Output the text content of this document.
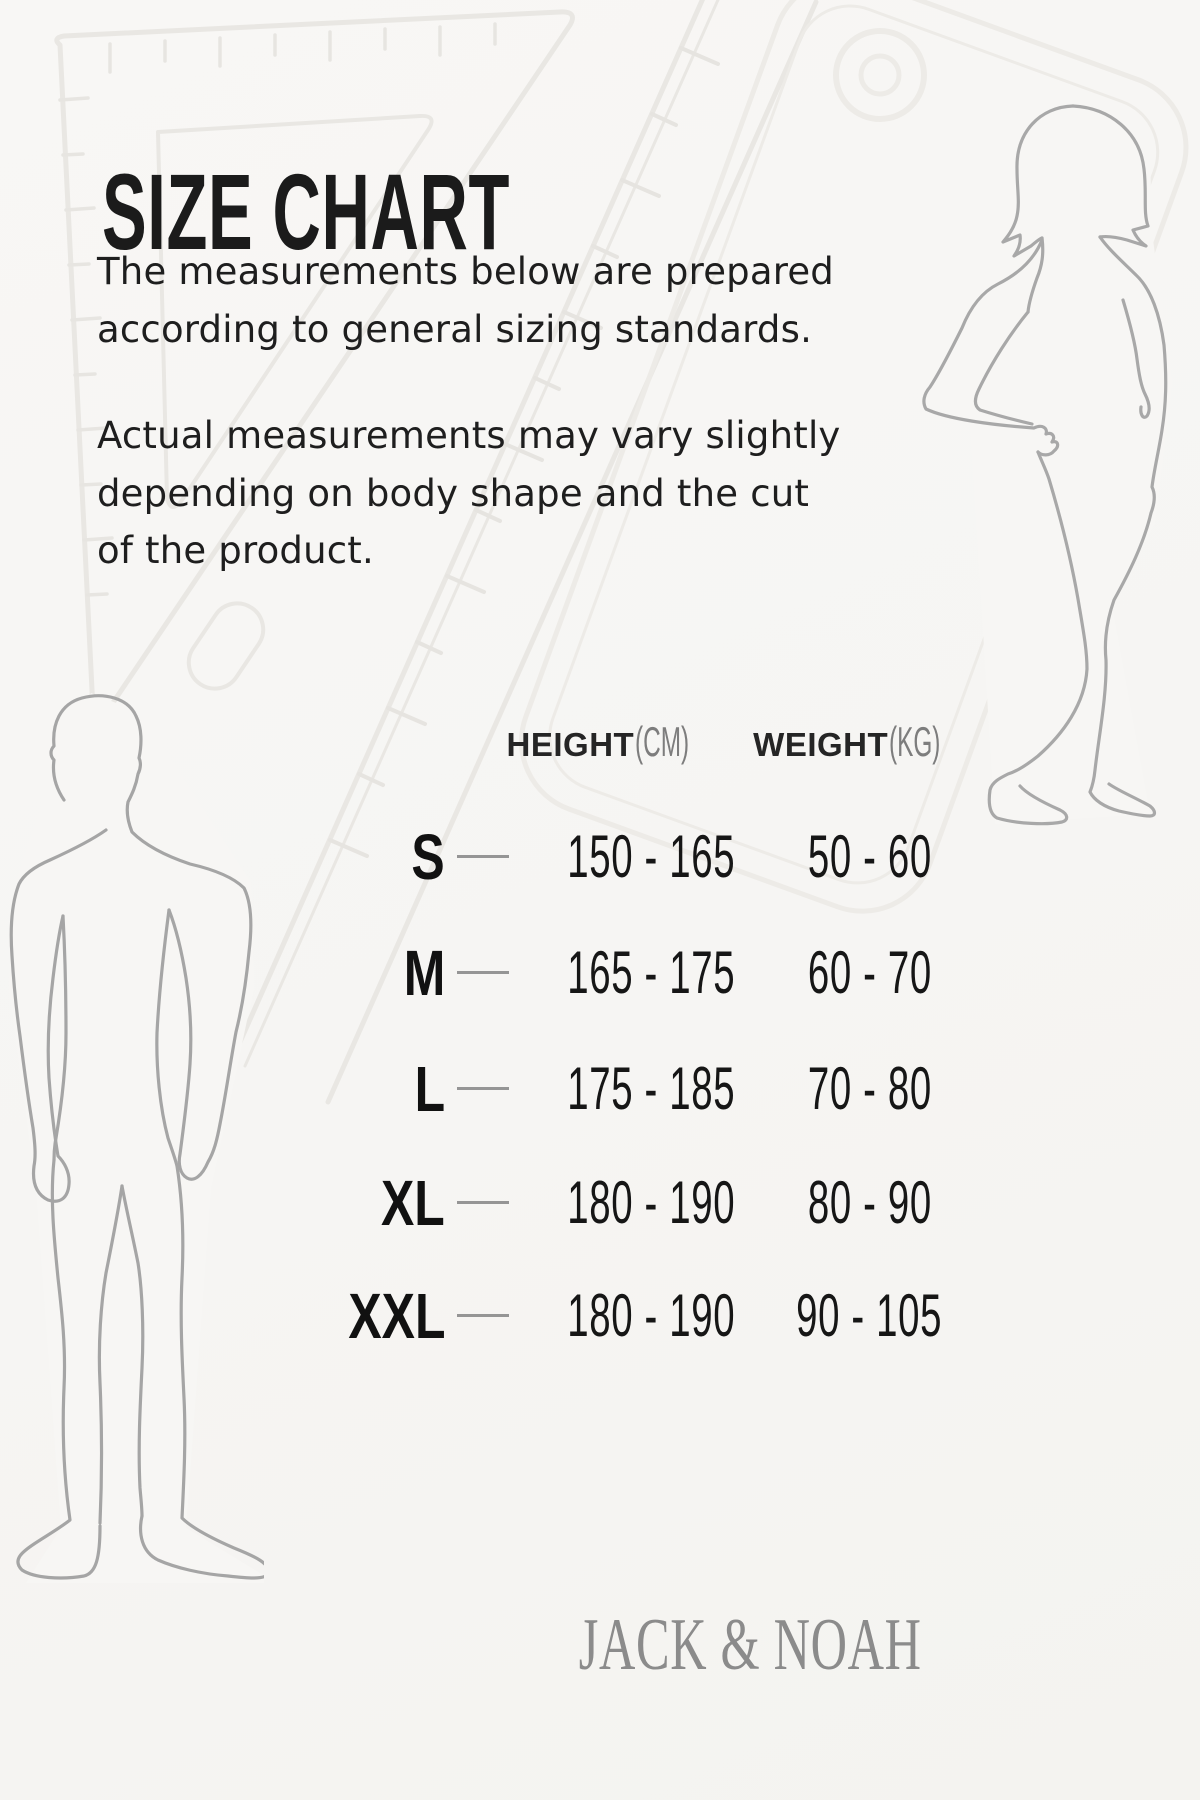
SIZE CHART
The measurements below are prepared
according to general sizing standards.
Actual measurements may vary slightly
depending on body shape and the cut
of the product.
HEIGHT(CM)	WEIGHT(KG)
S	150 - 165	50 - 60
M	165 - 175	60 - 70
L	175 - 185	70 - 80
XL	180 - 190	80 - 90
XXL	180 - 190	90 - 105
JACK & NOAH
